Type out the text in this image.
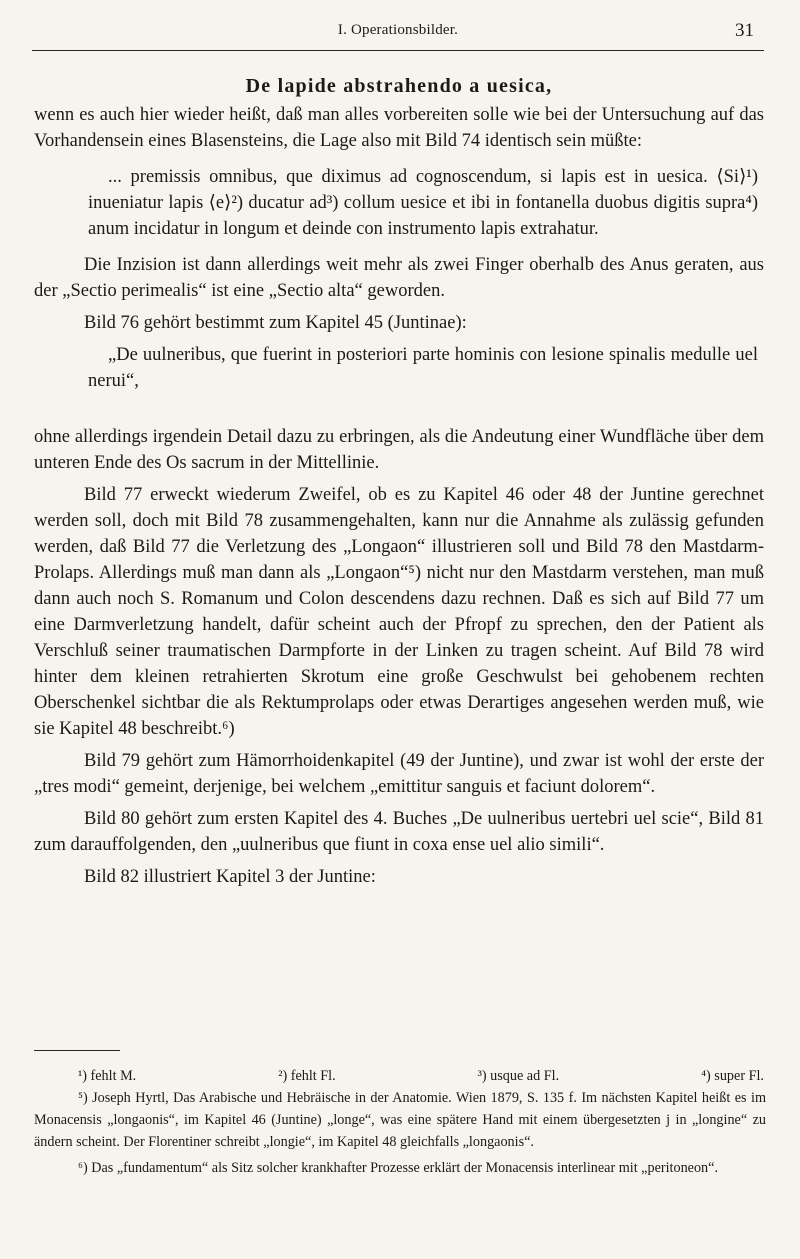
I. Operationsbilder.	31
De lapide abstrahendo a uesica,

wenn es auch hier wieder heißt, daß man alles vorbereiten solle wie bei der Untersuchung auf das Vorhandensein eines Blasensteins, die Lage also mit Bild 74 identisch sein müßte:

... premissis omnibus, que diximus ad cognoscendum, si lapis est in uesica. ⟨Si⟩¹) inueniatur lapis ⟨e⟩²) ducatur ad³) collum uesice et ibi in fontanella duobus digitis supra⁴) anum incidatur in longum et deinde con instrumento lapis extrahatur.

Die Inzision ist dann allerdings weit mehr als zwei Finger oberhalb des Anus geraten, aus der „Sectio perimealis“ ist eine „Sectio alta“ geworden.

Bild 76 gehört bestimmt zum Kapitel 45 (Juntinae):

„De uulneribus, que fuerint in posteriori parte hominis con lesione spinalis medulle uel nerui“,

ohne allerdings irgendein Detail dazu zu erbringen, als die Andeutung einer Wundfläche über dem unteren Ende des Os sacrum in der Mittellinie.

Bild 77 erweckt wiederum Zweifel, ob es zu Kapitel 46 oder 48 der Juntine gerechnet werden soll, doch mit Bild 78 zusammengehalten, kann nur die Annahme als zulässig gefunden werden, daß Bild 77 die Verletzung des „Longaon“ illustrieren soll und Bild 78 den Mastdarm-Prolaps. Allerdings muß man dann als „Longaon“⁵) nicht nur den Mastdarm verstehen, man muß dann auch noch S. Romanum und Colon descendens dazu rechnen. Daß es sich auf Bild 77 um eine Darmverletzung handelt, dafür scheint auch der Pfropf zu sprechen, den der Patient als Verschluß seiner traumatischen Darmpforte in der Linken zu tragen scheint. Auf Bild 78 wird hinter dem kleinen retrahierten Skrotum eine große Geschwulst bei gehobenem rechten Oberschenkel sichtbar die als Rektumprolaps oder etwas Derartiges angesehen werden muß, wie sie Kapitel 48 beschreibt.⁶)

Bild 79 gehört zum Hämorrhoidenkapitel (49 der Juntine), und zwar ist wohl der erste der „tres modi“ gemeint, derjenige, bei welchem „emittitur sanguis et faciunt dolorem“.

Bild 80 gehört zum ersten Kapitel des 4. Buches „De uulneribus uertebri uel scie“, Bild 81 zum darauffolgenden, den „uulneribus que fiunt in coxa ense uel alio simili“.

Bild 82 illustriert Kapitel 3 der Juntine:

¹) fehlt M.	²) fehlt Fl.	³) usque ad Fl.	⁴) super Fl.

⁵) Joseph Hyrtl, Das Arabische und Hebräische in der Anatomie. Wien 1879, S. 135 f. Im nächsten Kapitel heißt es im Monacensis „longaonis“, im Kapitel 46 (Juntine) „longe“, was eine spätere Hand mit einem übergesetzten j in „longine“ zu ändern scheint. Der Florentiner schreibt „longie“, im Kapitel 48 gleichfalls „longaonis“.

⁶) Das „fundamentum“ als Sitz solcher krankhafter Prozesse erklärt der Monacensis interlinear mit „peritoneon“.
